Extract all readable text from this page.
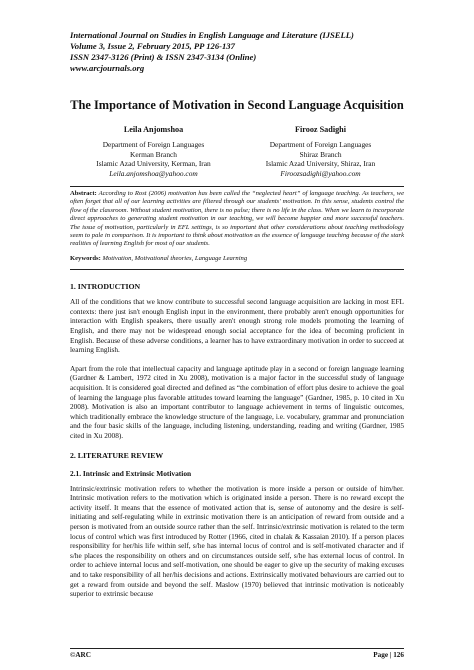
International Journal on Studies in English Language and Literature (IJSELL)
Volume 3, Issue 2, February 2015, PP 126-137
ISSN 2347-3126 (Print) & ISSN 2347-3134 (Online)
www.arcjournals.org
The Importance of Motivation in Second Language Acquisition
Leila Anjomshoa
Department of Foreign Languages
Kerman Branch
Islamic Azad University, Kerman, Iran
Leila.anjomshoa@yahoo.com
Firooz Sadighi
Department of Foreign Languages
Shiraz Branch
Islamic Azad University, Shiraz, Iran
Firoozsadighi@yahoo.com
Abstract: According to Rost (2006) motivation has been called the “neglected heart” of language teaching. As teachers, we often forget that all of our learning activities are filtered through our students' motivation. In this sense, students control the flow of the classroom. Without student motivation, there is no pulse; there is no life in the class. When we learn to incorporate direct approaches to generating student motivation in our teaching, we will become happier and more successful teachers. The issue of motivation, particularly in EFL settings, is so important that other considerations about teaching methodology seem to pale in comparison. It is important to think about motivation as the essence of language teaching because of the stark realities of learning English for most of our students.
Keywords: Motivation, Motivational theories, Language Learning
1. INTRODUCTION
All of the conditions that we know contribute to successful second language acquisition are lacking in most EFL contexts: there just isn't enough English input in the environment, there probably aren't enough opportunities for interaction with English speakers, there usually aren't enough strong role models promoting the learning of English, and there may not be widespread enough social acceptance for the idea of becoming proficient in English. Because of these adverse conditions, a learner has to have extraordinary motivation in order to succeed at learning English.
Apart from the role that intellectual capacity and language aptitude play in a second or foreign language learning (Gardner & Lambert, 1972 cited in Xu 2008), motivation is a major factor in the successful study of language acquisition. It is considered goal directed and defined as “the combination of effort plus desire to achieve the goal of learning the language plus favorable attitudes toward learning the language” (Gardner, 1985, p. 10 cited in Xu 2008). Motivation is also an important contributor to language achievement in terms of linguistic outcomes, which traditionally embrace the knowledge structure of the language, i.e. vocabulary, grammar and pronunciation and the four basic skills of the language, including listening, understanding, reading and writing (Gardner, 1985 cited in Xu 2008).
2. LITERATURE REVIEW
2.1. Intrinsic and Extrinsic Motivation
Intrinsic/extrinsic motivation refers to whether the motivation is more inside a person or outside of him/her. Intrinsic motivation refers to the motivation which is originated inside a person. There is no reward except the activity itself. It means that the essence of motivated action that is, sense of autonomy and the desire is self-initiating and self-regulating while in extrinsic motivation there is an anticipation of reward from outside and a person is motivated from an outside source rather than the self. Intrinsic/extrinsic motivation is related to the term locus of control which was first introduced by Rotter (1966, cited in chalak & Kassaian 2010). If a person places responsibility for her/his life within self, s/he has internal locus of control and is self-motivated character and if s/he places the responsibility on others and on circumstances outside self, s/he has external locus of control. In order to achieve internal locus and self-motivation, one should be eager to give up the security of making excuses and to take responsibility of all her/his decisions and actions. Extrinsically motivated behaviours are carried out to get a reward from outside and beyond the self. Maslow (1970) believed that intrinsic motivation is noticeably superior to extrinsic because
©ARC	Page | 126
